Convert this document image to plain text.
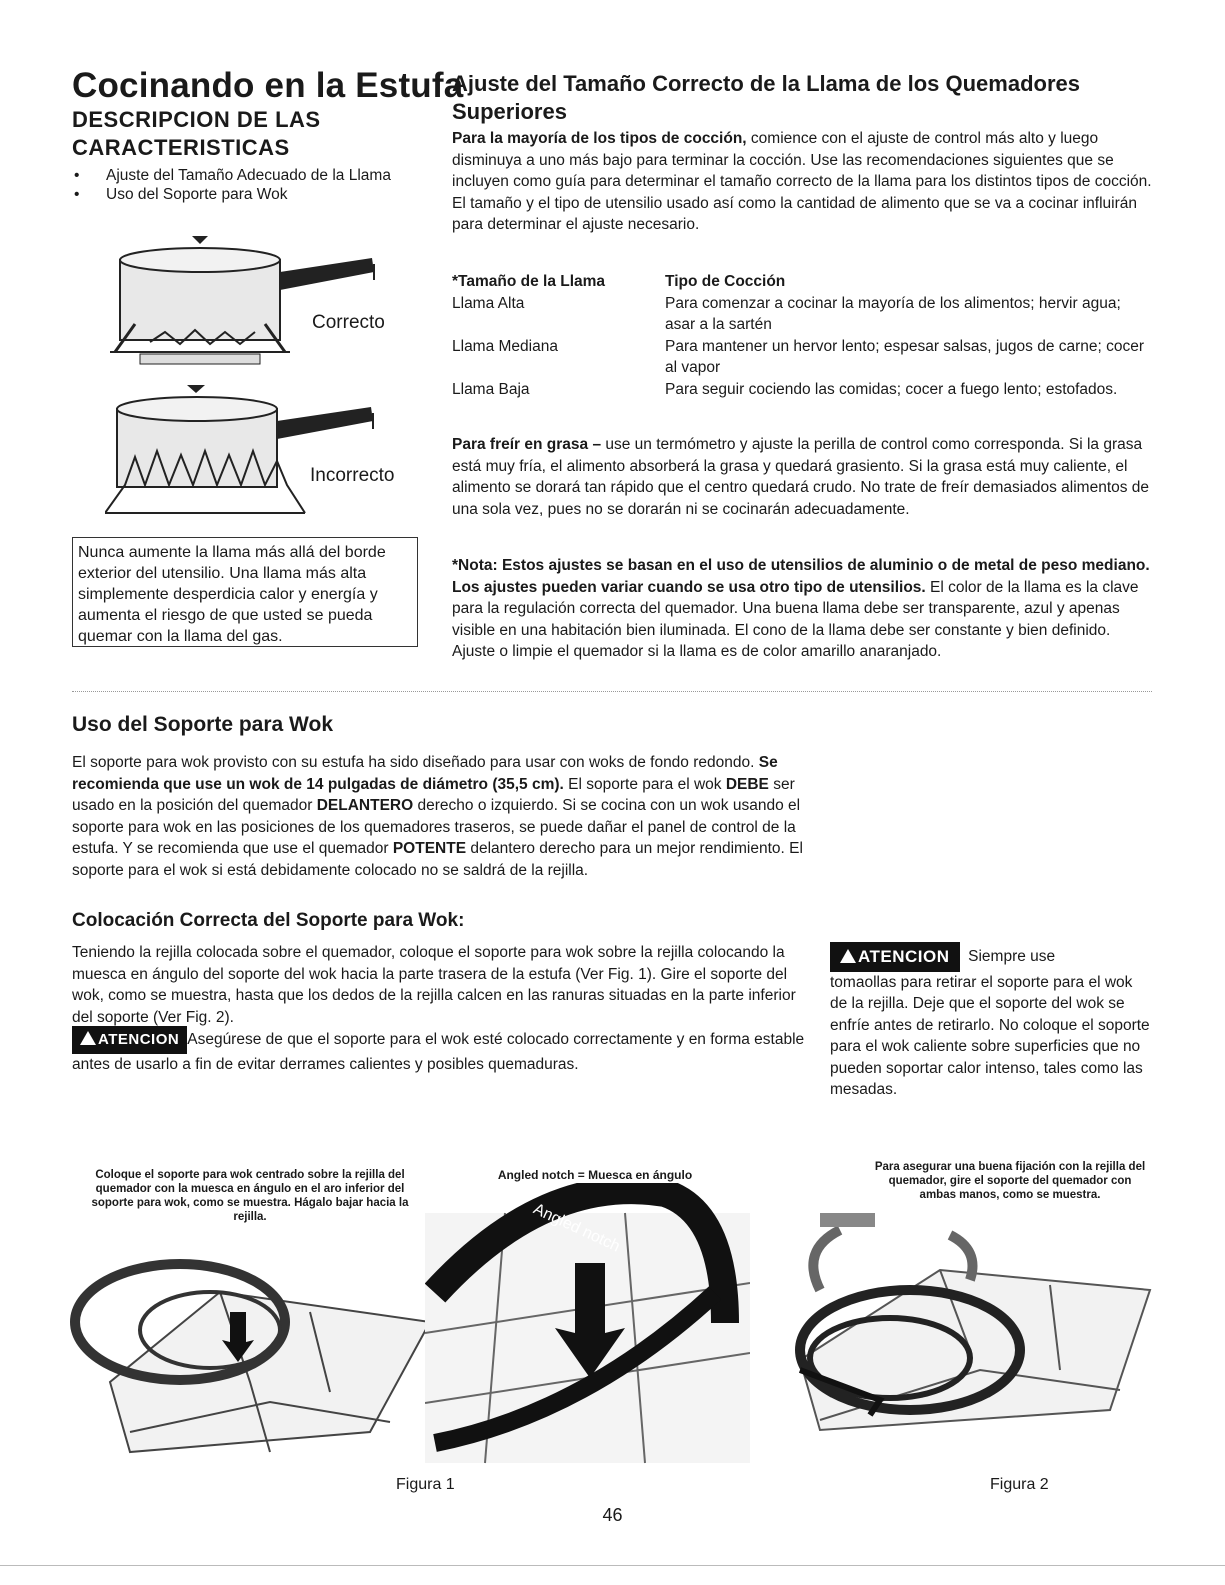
Cocinando en la Estufa
DESCRIPCION DE LAS CARACTERISTICAS
• Ajuste del Tamaño Adecuado de la Llama
• Uso del Soporte para Wok
Correcto
Incorrecto
Nunca aumente la llama más allá del borde exterior del utensilio. Una llama más alta simplemente desperdicia calor y energía y aumenta el riesgo de que usted se pueda quemar con la llama del gas.
Ajuste del Tamaño Correcto de la Llama de los Quemadores Superiores
Para la mayoría de los tipos de cocción, comience con el ajuste de control más alto y luego disminuya a uno más bajo para terminar la cocción. Use las recomendaciones siguientes que se incluyen como guía para determinar el tamaño correcto de la llama para los distintos tipos de cocción. El tamaño y el tipo de utensilio usado así como la cantidad de alimento que se va a cocinar influirán para determinar el ajuste necesario.
*Tamaño de la Llama	Tipo de Cocción
Llama Alta	Para comenzar a cocinar la mayoría de los alimentos; hervir agua; asar a la sartén
Llama Mediana	Para mantener un hervor lento; espesar salsas, jugos de carne; cocer al vapor
Llama Baja	Para seguir cociendo las comidas; cocer a fuego lento; estofados.
Para freír en grasa – use un termómetro y ajuste la perilla de control como corresponda. Si la grasa está muy fría, el alimento absorberá la grasa y quedará grasiento. Si la grasa está muy caliente, el alimento se dorará tan rápido que el centro quedará crudo. No trate de freír demasiados alimentos de una sola vez, pues no se dorarán ni se cocinarán adecuadamente.
*Nota: Estos ajustes se basan en el uso de utensilios de aluminio o de metal de peso mediano. Los ajustes pueden variar cuando se usa otro tipo de utensilios. El color de la llama es la clave para la regulación correcta del quemador. Una buena llama debe ser transparente, azul y apenas visible en una habitación bien iluminada. El cono de la llama debe ser constante y bien definido. Ajuste o limpie el quemador si la llama es de color amarillo anaranjado.
Uso del Soporte para Wok
El soporte para wok provisto con su estufa ha sido diseñado para usar con woks de fondo redondo. Se recomienda que use un wok de 14 pulgadas de diámetro (35,5 cm). El soporte para el wok DEBE ser usado en la posición del quemador DELANTERO derecho o izquierdo. Si se cocina con un wok usando el soporte para wok en las posiciones de los quemadores traseros, se puede dañar el panel de control de la estufa. Y se recomienda que use el quemador POTENTE delantero derecho para un mejor rendimiento. El soporte para el wok si está debidamente colocado no se saldrá de la rejilla.
Colocación Correcta del Soporte para Wok:
Teniendo la rejilla colocada sobre el quemador, coloque el soporte para wok sobre la rejilla colocando la muesca en ángulo del soporte del wok hacia la parte trasera de la estufa (Ver Fig. 1). Gire el soporte del wok, como se muestra, hasta que los dedos de la rejilla calcen en las ranuras situadas en la parte inferior del soporte (Ver Fig. 2).
ATENCION Asegúrese de que el soporte para el wok esté colocado correctamente y en forma estable antes de usarlo a fin de evitar derrames calientes y posibles quemaduras.
ATENCION Siempre use
tomaollas para retirar el soporte para el wok de la rejilla. Deje que el soporte del wok se enfríe antes de retirarlo. No coloque el soporte para el wok caliente sobre superficies que no pueden soportar calor intenso, tales como las mesadas.
Coloque el soporte para wok centrado sobre la rejilla del quemador con la muesca en ángulo en el aro inferior del soporte para wok, como se muestra. Hágalo bajar hacia la rejilla.
Angled notch = Muesca en ángulo
Angled notch
Figura 1
Para asegurar una buena fijación con la rejilla del quemador, gire el soporte del quemador con ambas manos, como se muestra.
Figura 2
46
